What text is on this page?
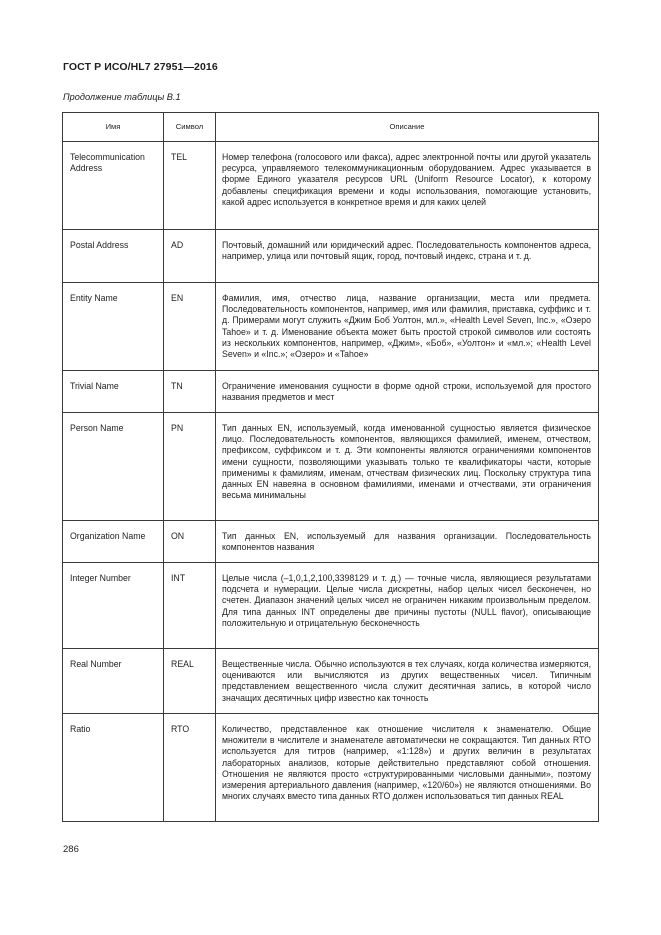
ГОСТ Р ИСО/HL7 27951—2016
Продолжение таблицы В.1
Имя	Символ	Описание

Telecommunication Address	TEL	Номер телефона (голосового или факса), адрес электронной почты или другой указатель ресурса, управляемого телекоммуникационным оборудованием. Адрес указывается в форме Единого указателя ресурсов URL (Uniform Resource Locator), к которому добавлены спецификация времени и коды использования, помогающие установить, какой адрес используется в конкретное время и для каких целей

Postal Address	AD	Почтовый, домашний или юридический адрес. Последовательность компонентов адреса, например, улица или почтовый ящик, город, почтовый индекс, страна и т. д.

Entity Name	EN	Фамилия, имя, отчество лица, название организации, места или предмета. Последовательность компонентов, например, имя или фамилия, приставка, суффикс и т. д. Примерами могут служить «Джим Боб Уолтон, мл.», «Health Level Seven, Inc.», «Озеро Tahoe» и т. д. Именование объекта может быть простой строкой символов или состоять из нескольких компонентов, например, «Джим», «Боб», «Уолтон» и «мл.»; «Health Level Seven» и «Inc.»; «Озеро» и «Tahoe»

Trivial Name	TN	Ограничение именования сущности в форме одной строки, используемой для простого названия предметов и мест

Person Name	PN	Тип данных EN, используемый, когда именованной сущностью является физическое лицо. Последовательность компонентов, являющихся фамилией, именем, отчеством, префиксом, суффиксом и т. д. Эти компоненты являются ограничениями компонентов имени сущности, позволяющими указывать только те квалификаторы части, которые применимы к фамилиям, именам, отчествам физических лиц. Поскольку структура типа данных EN навеяна в основном фамилиями, именами и отчествами, эти ограничения весьма минимальны

Organization Name	ON	Тип данных EN, используемый для названия организации. Последовательность компонентов названия

Integer Number	INT	Целые числа (–1,0,1,2,100,3398129 и т. д.) — точные числа, являющиеся результатами подсчета и нумерации. Целые числа дискретны, набор целых чисел бесконечен, но счетен. Диапазон значений целых чисел не ограничен никаким произвольным пределом. Для типа данных INT определены две причины пустоты (NULL flavor), описывающие положительную и отрицательную бесконечность

Real Number	REAL	Вещественные числа. Обычно используются в тех случаях, когда количества измеряются, оцениваются или вычисляются из других вещественных чисел. Типичным представлением вещественного числа служит десятичная запись, в которой число значащих десятичных цифр известно как точность

Ratio	RTO	Количество, представленное как отношение числителя к знаменателю. Общие множители в числителе и знаменателе автоматически не сокращаются. Тип данных RTO используется для титров (например, «1:128») и других величин в результатах лабораторных анализов, которые действительно представляют собой отношения. Отношения не являются просто «структурированными числовыми данными», поэтому измерения артериального давления (например, «120/60») не являются отношениями. Во многих случаях вместо типа данных RTO должен использоваться тип данных REAL
286
